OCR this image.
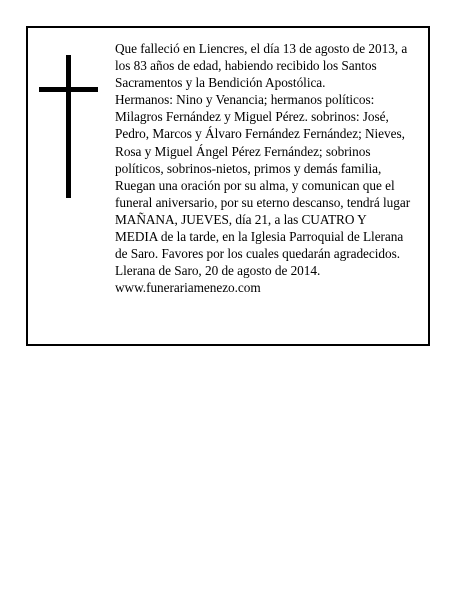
Que falleció en Liencres, el día 13 de agosto de 2013, a
los 83 años de edad, habiendo recibido los Santos
Sacramentos y la Bendición Apostólica.
Hermanos: Nino y Venancia; hermanos políticos:
Milagros Fernández y Miguel Pérez. sobrinos: José,
Pedro, Marcos y Álvaro Fernández Fernández; Nieves,
Rosa y Miguel Ángel Pérez Fernández; sobrinos
políticos, sobrinos-nietos, primos y demás familia,
Ruegan una oración por su alma, y comunican que el
funeral aniversario, por su eterno descanso, tendrá lugar
MAÑANA, JUEVES, día 21, a las CUATRO Y
MEDIA de la tarde, en la Iglesia Parroquial de Llerana
de Saro. Favores por los cuales quedarán agradecidos.
Llerana de Saro, 20 de agosto de 2014.
www.funerariamenezo.com
